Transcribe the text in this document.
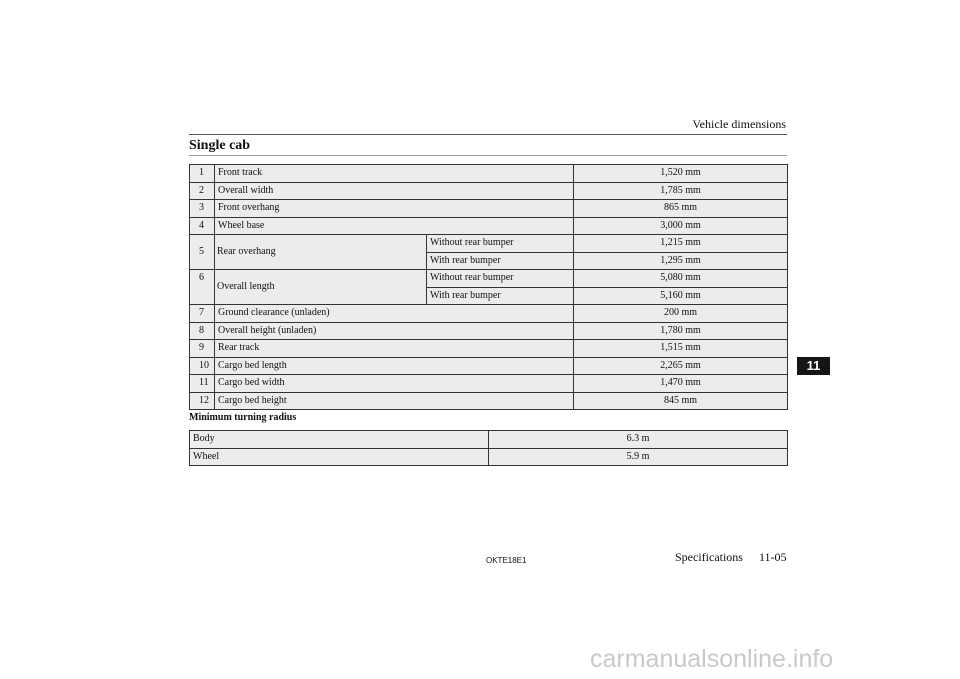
Vehicle dimensions
Single cab
1	Front track		1,520 mm
2	Overall width		1,785 mm
3	Front overhang		865 mm
4	Wheel base		3,000 mm
5	Rear overhang	Without rear bumper	1,215 mm
		With rear bumper	1,295 mm
6	Overall length	Without rear bumper	5,080 mm
		With rear bumper	5,160 mm
7	Ground clearance (unladen)		200 mm
8	Overall height (unladen)		1,780 mm
9	Rear track		1,515 mm
10	Cargo bed length		2,265 mm
11	Cargo bed width		1,470 mm
12	Cargo bed height		845 mm
Minimum turning radius
Body	6.3 m
Wheel	5.9 m
11
OKTE18E1	Specifications 11-05
carmanualsonline.info
